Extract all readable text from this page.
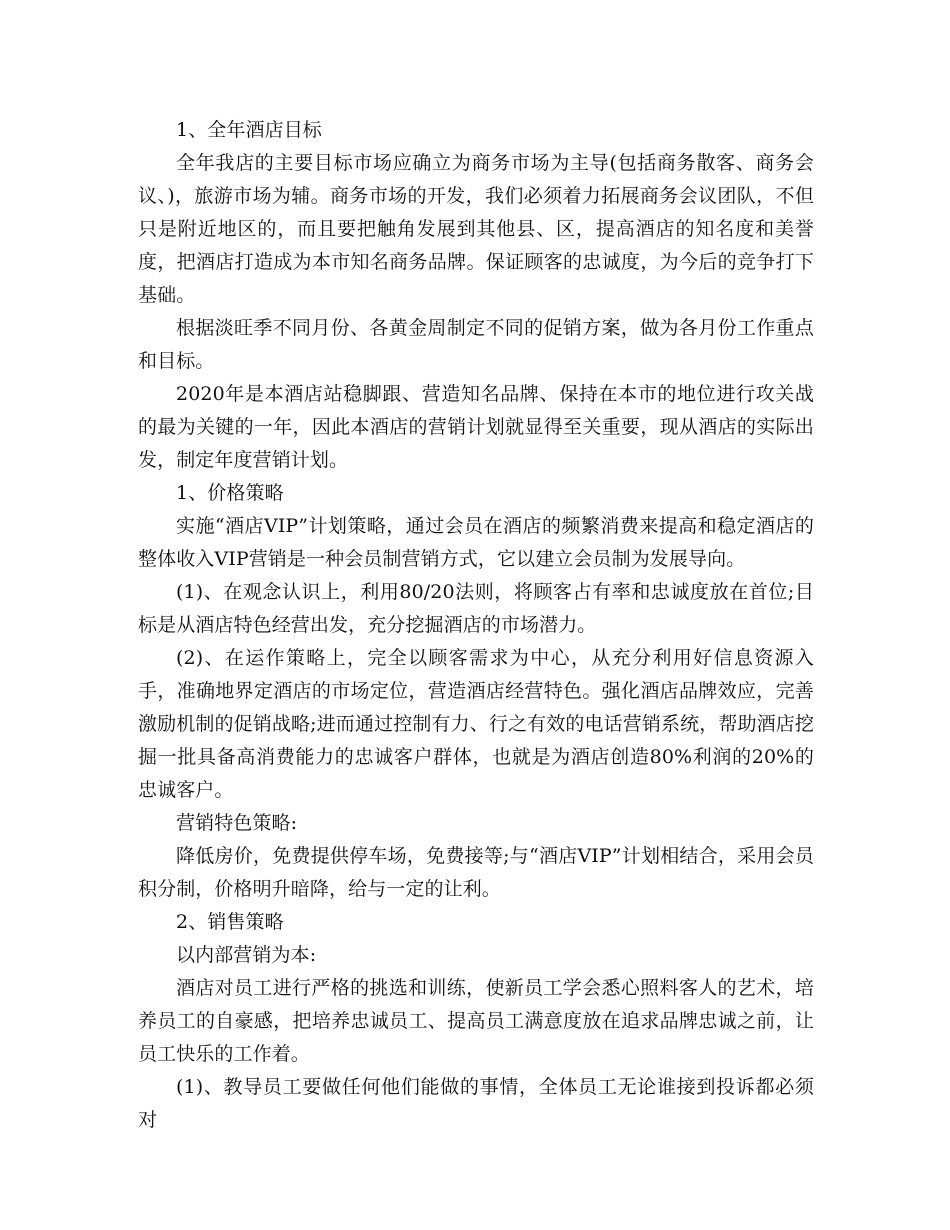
1、全年酒店目标

全年我店的主要目标市场应确立为商务市场为主导(包括商务散客、商务会议、)，旅游市场为辅。商务市场的开发，我们必须着力拓展商务会议团队，不但只是附近地区的，而且要把触角发展到其他县、区，提高酒店的知名度和美誉度，把酒店打造成为本市知名商务品牌。保证顾客的忠诚度，为今后的竞争打下基础。

根据淡旺季不同月份、各黄金周制定不同的促销方案，做为各月份工作重点和目标。

2020年是本酒店站稳脚跟、营造知名品牌、保持在本市的地位进行攻关战的最为关键的一年，因此本酒店的营销计划就显得至关重要，现从酒店的实际出发，制定年度营销计划。

1、价格策略

实施“酒店VIP”计划策略，通过会员在酒店的频繁消费来提高和稳定酒店的整体收入VIP营销是一种会员制营销方式，它以建立会员制为发展导向。

(1)、在观念认识上，利用80/20法则，将顾客占有率和忠诚度放在首位;目标是从酒店特色经营出发，充分挖掘酒店的市场潜力。

(2)、在运作策略上，完全以顾客需求为中心，从充分利用好信息资源入手，准确地界定酒店的市场定位，营造酒店经营特色。强化酒店品牌效应，完善激励机制的促销战略;进而通过控制有力、行之有效的电话营销系统，帮助酒店挖掘一批具备高消费能力的忠诚客户群体，也就是为酒店创造80%利润的20%的忠诚客户。

营销特色策略:

降低房价，免费提供停车场，免费接等;与“酒店VIP”计划相结合，采用会员积分制，价格明升暗降，给与一定的让利。

2、销售策略

以内部营销为本:

酒店对员工进行严格的挑选和训练，使新员工学会悉心照料客人的艺术，培养员工的自豪感，把培养忠诚员工、提高员工满意度放在追求品牌忠诚之前，让员工快乐的工作着。

(1)、教导员工要做任何他们能做的事情，全体员工无论谁接到投诉都必须对
